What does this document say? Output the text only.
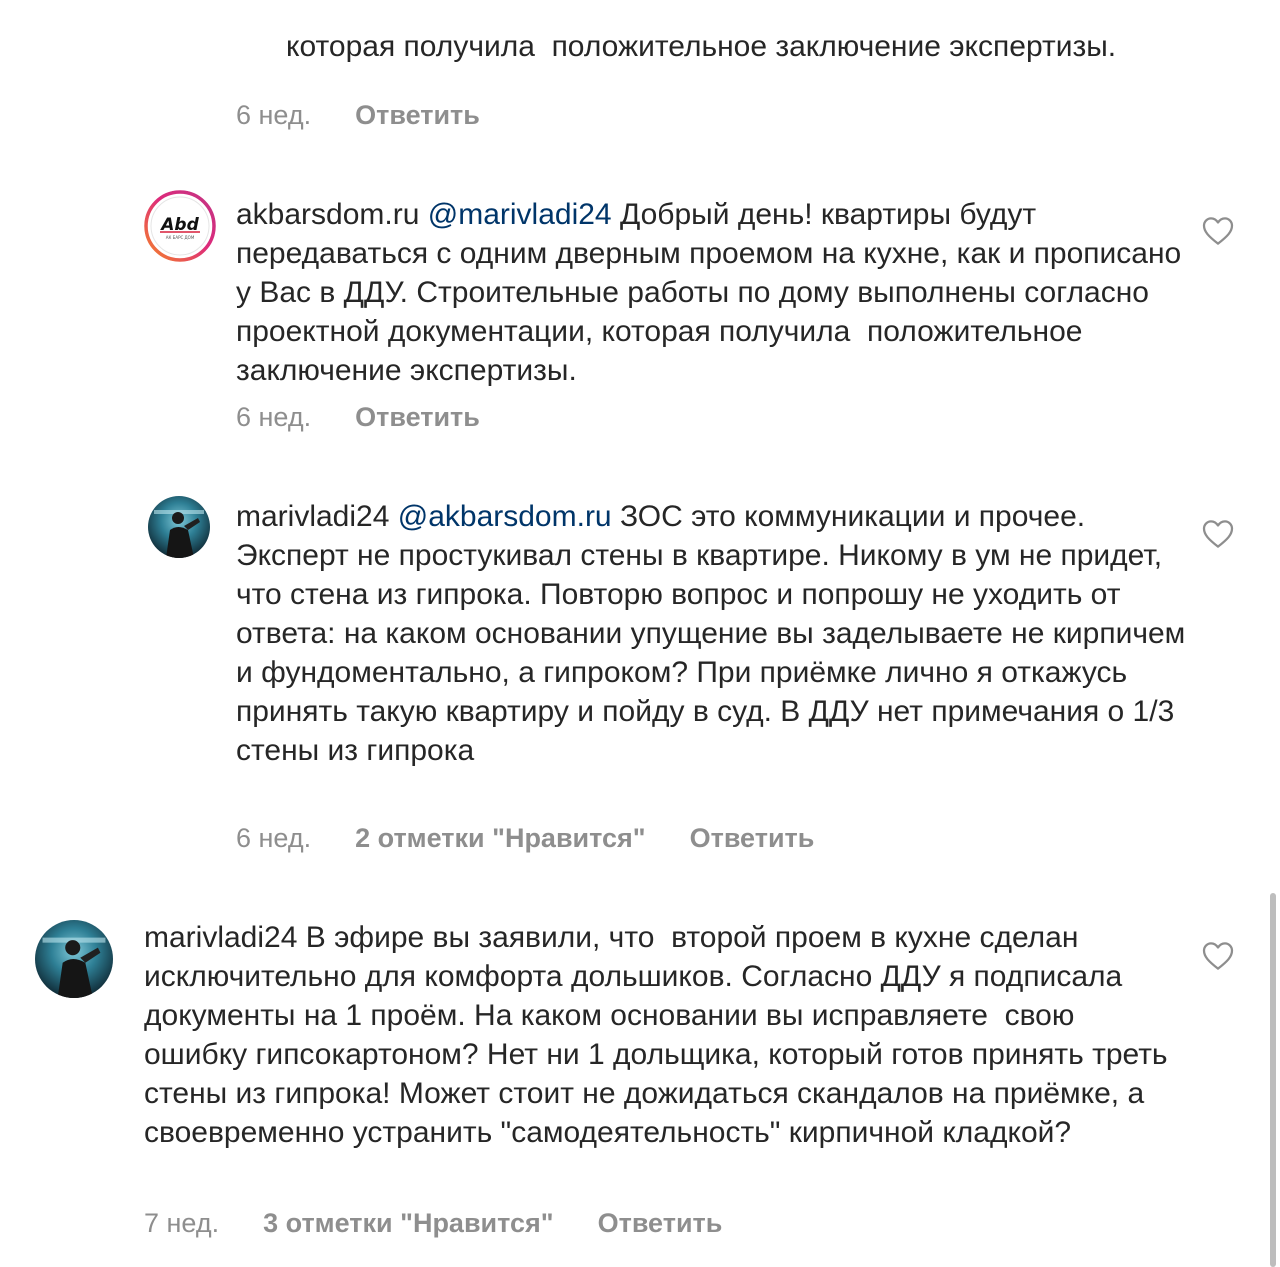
которая получила  положительное заключение экспертизы.

6 нед. Ответить
Abd
АК БАРС ДОМ
akbarsdom.ru @marivladi24 Добрый день! квартиры будут передаваться с одним дверным проемом на кухне, как и прописано у Вас в ДДУ. Строительные работы по дому выполнены согласно проектной документации, которая получила  положительное заключение экспертизы.
6 нед. Ответить
marivladi24 @akbarsdom.ru ЗОС это коммуникации и прочее. Эксперт не простукивал стены в квартире. Никому в ум не придет, что стена из гипрока. Повторю вопрос и попрошу не уходить от ответа: на каком основании упущение вы заделываете не кирпичем и фундоментально, а гипроком? При приёмке лично я откажусь принять такую квартиру и пойду в суд. В ДДУ нет примечания о 1/3 стены из гипрока
6 нед. 2 отметки "Нравится" Ответить
marivladi24 В эфире вы заявили, что  второй проем в кухне сделан исключительно для комфорта дольшиков. Согласно ДДУ я подписала документы на 1 проём. На каком основании вы исправляете  свою ошибку гипсокартоном? Нет ни 1 дольщика, который готов принять треть стены из гипрока! Может стоит не дожидаться скандалов на приёмке, а своевременно устранить "самодеятельность" кирпичной кладкой?
7 нед. 3 отметки "Нравится" Ответить
